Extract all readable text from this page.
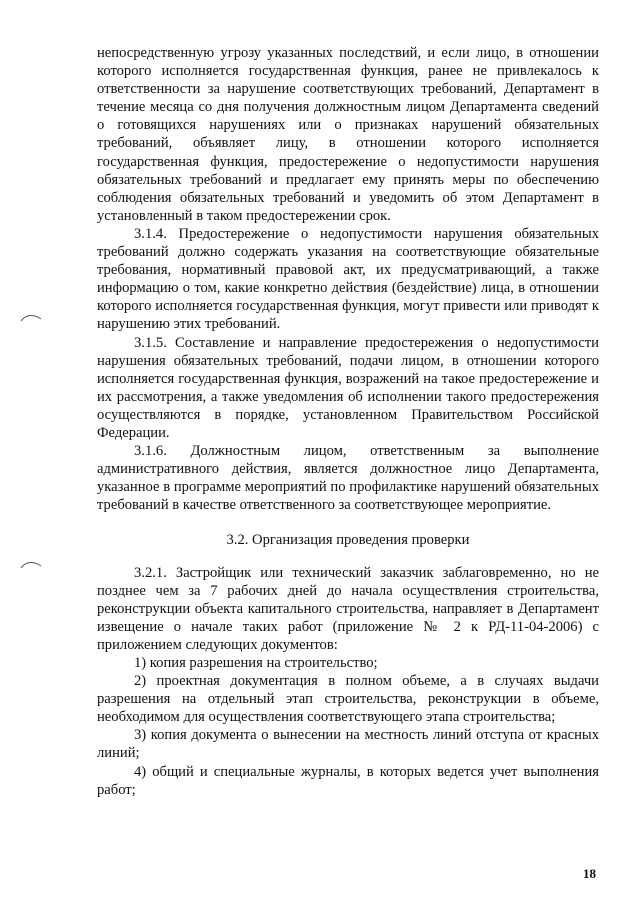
непосредственную угрозу указанных последствий, и если лицо, в отношении которого исполняется государственная функция, ранее не привлекалось к ответственности за нарушение соответствующих требований, Департамент в течение месяца со дня получения должностным лицом Департамента сведений о готовящихся нарушениях или о признаках нарушений обязательных требований, объявляет лицу, в отношении которого исполняется государственная функция, предостережение о недопустимости нарушения обязательных требований и предлагает ему принять меры по обеспечению соблюдения обязательных требований и уведомить об этом Департамент в установленный в таком предостережении срок.

3.1.4. Предостережение о недопустимости нарушения обязательных требований должно содержать указания на соответствующие обязательные требования, нормативный правовой акт, их предусматривающий, а также информацию о том, какие конкретно действия (бездействие) лица, в отношении которого исполняется государственная функция, могут привести или приводят к нарушению этих требований.

3.1.5. Составление и направление предостережения о недопустимости нарушения обязательных требований, подачи лицом, в отношении которого исполняется государственная функция, возражений на такое предостережение и их рассмотрения, а также уведомления об исполнении такого предостережения осуществляются в порядке, установленном Правительством Российской Федерации.

3.1.6. Должностным лицом, ответственным за выполнение административного действия, является должностное лицо Департамента, указанное в программе мероприятий по профилактике нарушений обязательных требований в качестве ответственного за соответствующее мероприятие.

3.2. Организация проведения проверки

3.2.1. Застройщик или технический заказчик заблаговременно, но не позднее чем за 7 рабочих дней до начала осуществления строительства, реконструкции объекта капитального строительства, направляет в Департамент извещение о начале таких работ (приложение № 2 к РД-11-04-2006) с приложением следующих документов:

1) копия разрешения на строительство;

2) проектная документация в полном объеме, а в случаях выдачи разрешения на отдельный этап строительства, реконструкции в объеме, необходимом для осуществления соответствующего этапа строительства;

3) копия документа о вынесении на местность линий отступа от красных линий;

4) общий и специальные журналы, в которых ведется учет выполнения работ;

18
